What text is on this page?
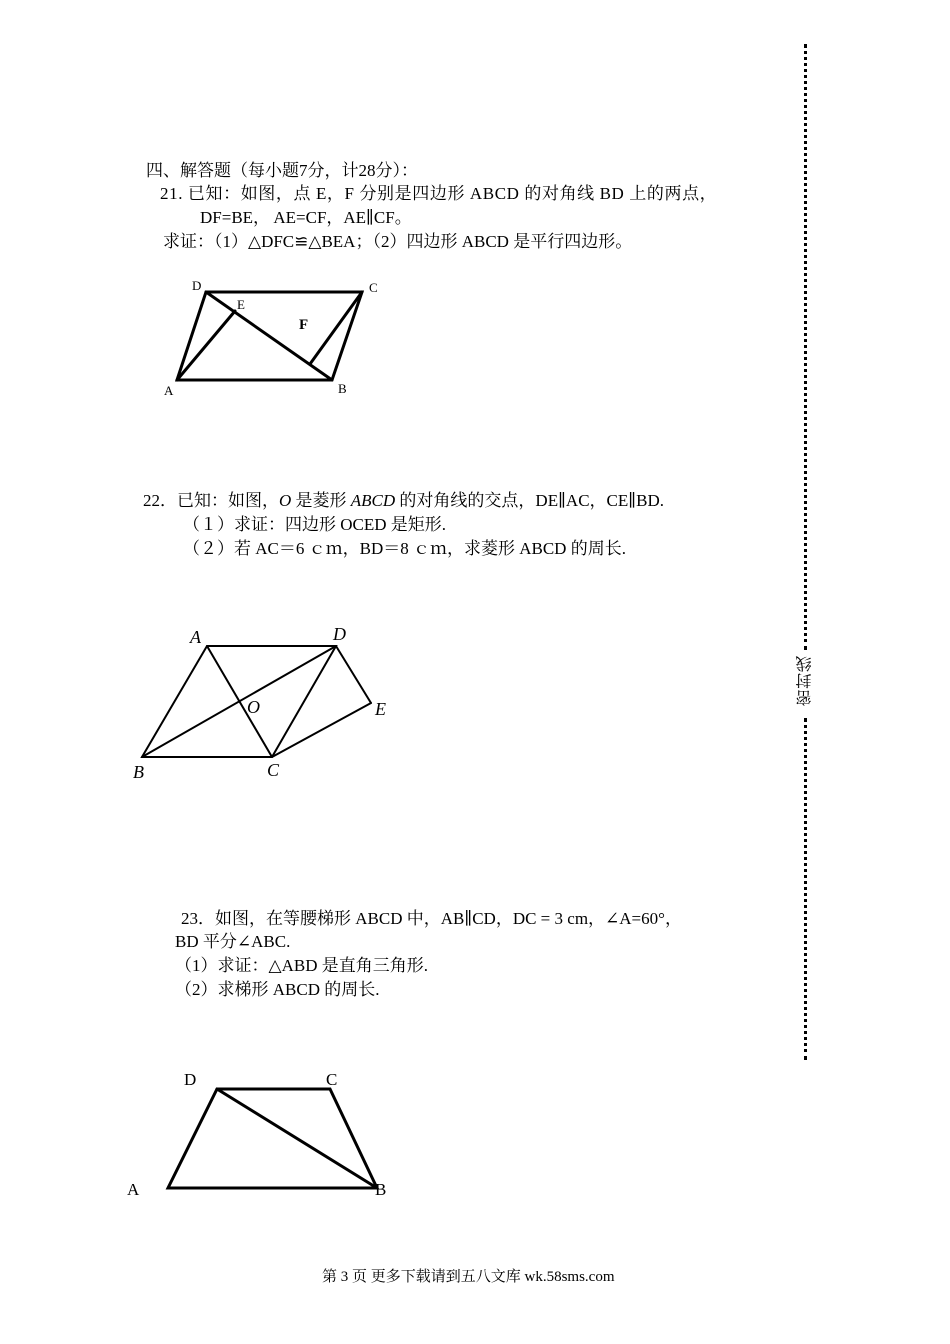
密封线
四、解答题（每小题7分，计28分）：
21. 已知：如图，点 E，F 分别是四边形 ABCD 的对角线 BD 上的两点，
DF=BE， AE=CF，AE∥CF。
求证：（1）△DFC≌△BEA；（2）四边形 ABCD 是平行四边形。
D
E
C
A	B
F
22．已知：如图，O 是菱形 ABCD 的对角线的交点，DE∥AC，CE∥BD.
（１）求证：四边形 OCED 是矩形.
（２）若 AC＝6 ｃｍ，BD＝8 ｃｍ，求菱形 ABCD 的周长.
A	D
O	E
B	C
23．如图，在等腰梯形 ABCD 中，AB∥CD，DC = 3 cm，∠A=60°，
BD 平分∠ABC.
（1）求证：△ABD 是直角三角形.
（2）求梯形 ABCD 的周长.
D	C
A	B
第 3 页 更多下载请到五八文库 wk.58sms.com
